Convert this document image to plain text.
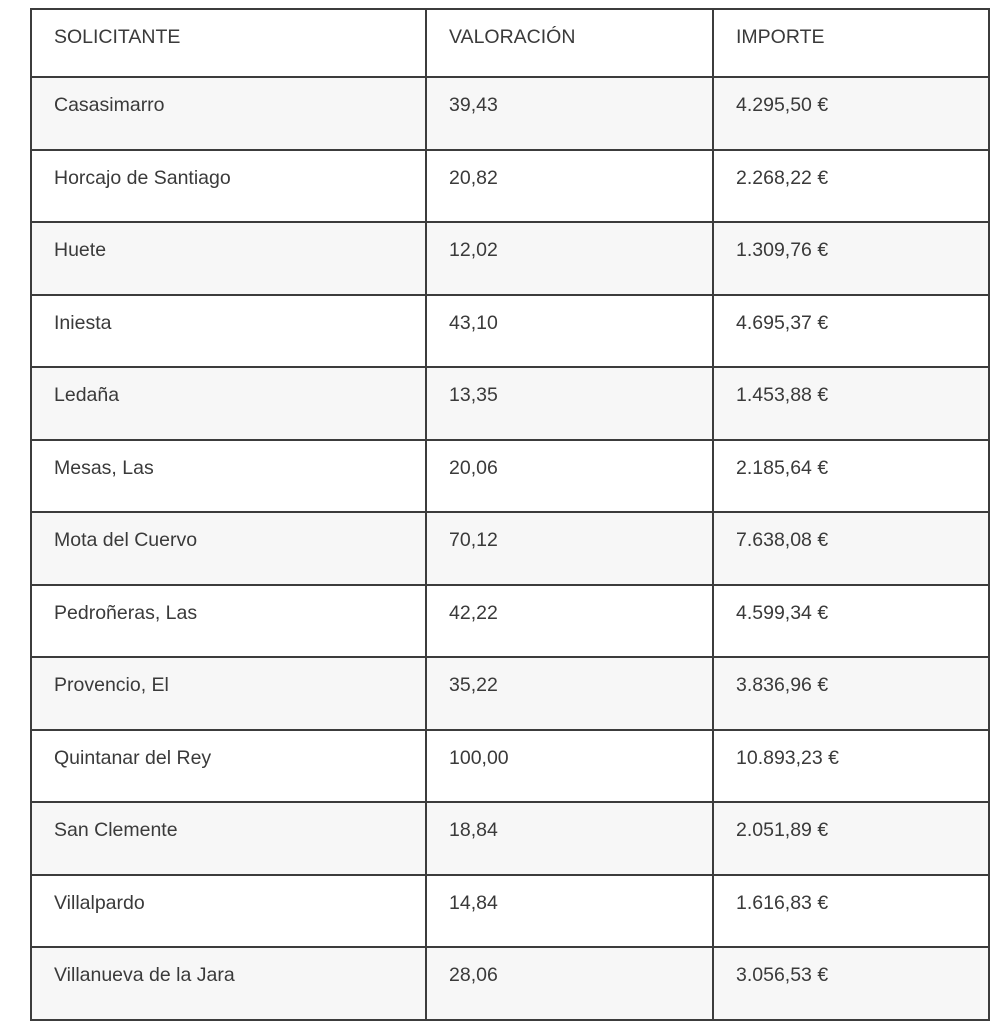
SOLICITANTE	VALORACIÓN	IMPORTE
Casasimarro	39,43	4.295,50 €
Horcajo de Santiago	20,82	2.268,22 €
Huete	12,02	1.309,76 €
Iniesta	43,10	4.695,37 €
Ledaña	13,35	1.453,88 €
Mesas, Las	20,06	2.185,64 €
Mota del Cuervo	70,12	7.638,08 €
Pedroñeras, Las	42,22	4.599,34 €
Provencio, El	35,22	3.836,96 €
Quintanar del Rey	100,00	10.893,23 €
San Clemente	18,84	2.051,89 €
Villalpardo	14,84	1.616,83 €
Villanueva de la Jara	28,06	3.056,53 €
